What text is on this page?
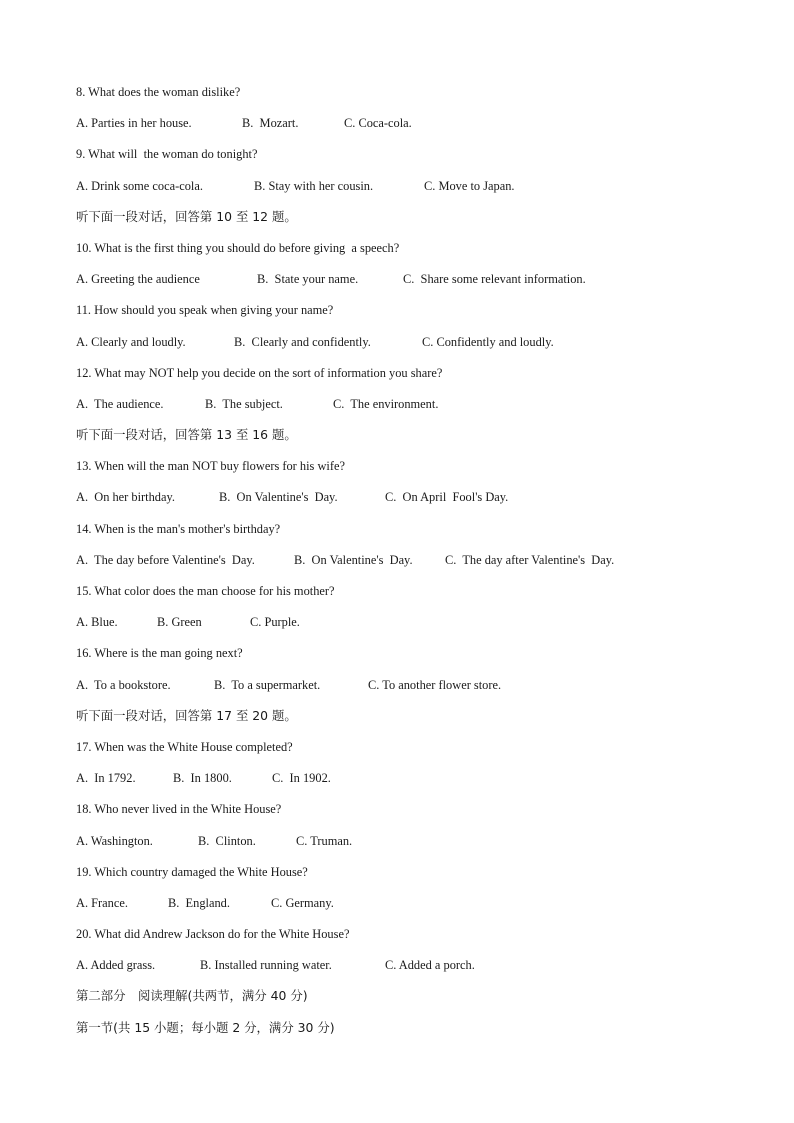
8. What does the woman dislike?
A. Parties in her house.	B.  Mozart.	C. Coca-cola.
9. What will  the woman do tonight?
A. Drink some coca-cola.	B. Stay with her cousin.	C. Move to Japan.
听下面一段对话，回答第 10 至 12 题。
10. What is the first thing you should do before giving  a speech?
A. Greeting the audience	B.  State your name.	C.  Share some relevant information.
11. How should you speak when giving your name?
A. Clearly and loudly.	B.  Clearly and confidently.	C. Confidently and loudly.
12. What may NOT help you decide on the sort of information you share?
A.  The audience.	B.  The subject.	C.  The environment.
听下面一段对话，回答第 13 至 16 题。
13. When will the man NOT buy flowers for his wife?
A.  On her birthday.	B.  On Valentine's  Day.	C.  On April  Fool's Day.
14. When is the man's mother's birthday?
A.  The day before Valentine's  Day.	B.  On Valentine's  Day.	C.  The day after Valentine's  Day.
15. What color does the man choose for his mother?
A. Blue.	B. Green	C. Purple.
16. Where is the man going next?
A.  To a bookstore.	B.  To a supermarket.	C. To another flower store.
听下面一段对话，回答第 17 至 20 题。
17. When was the White House completed?
A.  In 1792.	B.  In 1800.	C.  In 1902.
18. Who never lived in the White House?
A. Washington.	B.  Clinton.	C. Truman.
19. Which country damaged the White House?
A. France.	B.  England.	C. Germany.
20. What did Andrew Jackson do for the White House?
A. Added grass.	B. Installed running water.	C. Added a porch.
第二部分　阅读理解(共两节，满分 40 分)
第一节(共 15 小题；每小题 2 分，满分 30 分)
